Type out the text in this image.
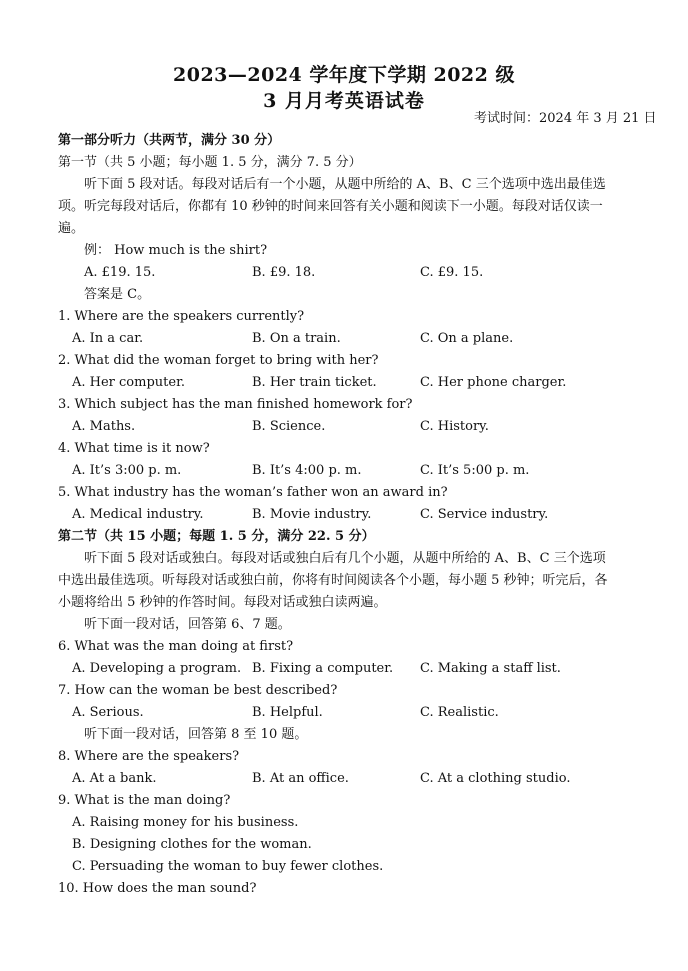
2023—2024 学年度下学期 2022 级
3 月月考英语试卷
考试时间：2024 年 3 月 21 日
第一部分听力（共两节，满分 30 分）
第一节（共 5 小题；每小题 1. 5 分，满分 7. 5 分）
听下面 5 段对话。每段对话后有一个小题，从题中所给的 A、B、C 三个选项中选出最佳选
项。听完每段对话后，你都有 10 秒钟的时间来回答有关小题和阅读下一小题。每段对话仅读一
遍。
例： How much is the shirt?
A. £19. 15.	B. £9. 18.	C. £9. 15.
答案是 C。
1. Where are the speakers currently?
A. In a car.	B. On a train.	C. On a plane.
2. What did the woman forget to bring with her?
A. Her computer.	B. Her train ticket.	C. Her phone charger.
3. Which subject has the man finished homework for?
A. Maths.	B. Science.	C. History.
4. What time is it now?
A. It’s 3:00 p. m.	B. It’s 4:00 p. m.	C. It’s 5:00 p. m.
5. What industry has the woman’s father won an award in?
A. Medical industry.	B. Movie industry.	C. Service industry.
第二节（共 15 小题；每题 1. 5 分，满分 22. 5 分）
听下面 5 段对话或独白。每段对话或独白后有几个小题，从题中所给的 A、B、C 三个选项
中选出最佳选项。听每段对话或独白前，你将有时间阅读各个小题，每小题 5 秒钟；听完后，各
小题将给出 5 秒钟的作答时间。每段对话或独白读两遍。
听下面一段对话，回答第 6、7 题。
6. What was the man doing at first?
A. Developing a program. B. Fixing a computer. C. Making a staff list.
7. How can the woman be best described?
A. Serious.	B. Helpful.	C. Realistic.
听下面一段对话，回答第 8 至 10 题。
8. Where are the speakers?
A. At a bank.	B. At an office.	C. At a clothing studio.
9. What is the man doing?
A. Raising money for his business.
B. Designing clothes for the woman.
C. Persuading the woman to buy fewer clothes.
10. How does the man sound?
